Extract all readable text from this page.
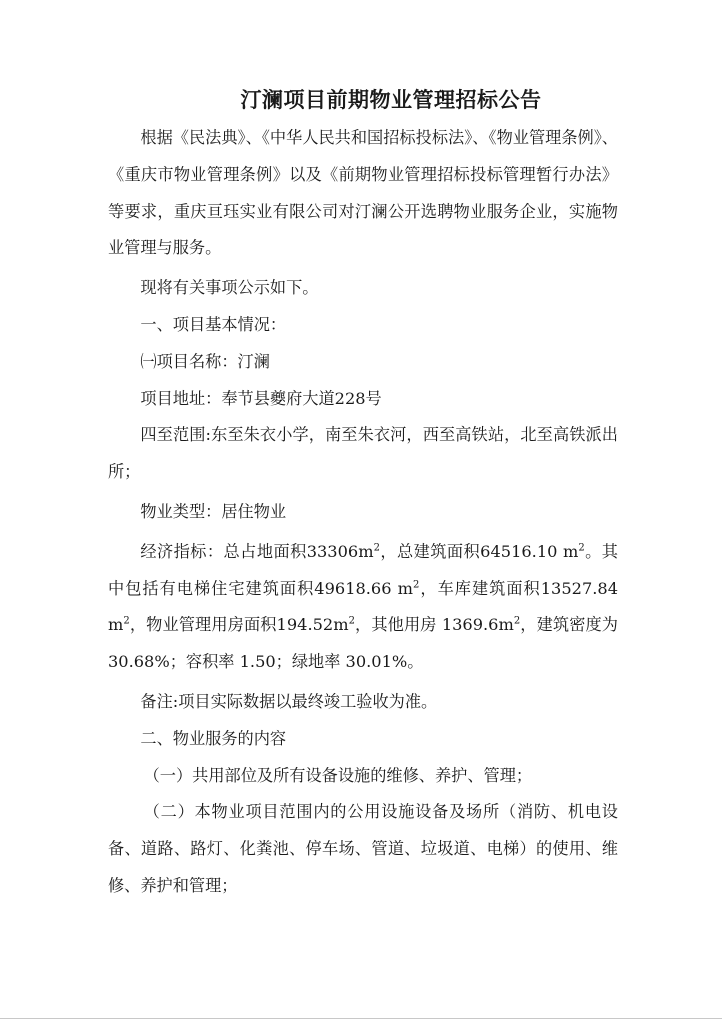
汀澜项目前期物业管理招标公告

根据《民法典》、《中华人民共和国招标投标法》、《物业管理条例》、《重庆市物业管理条例》以及《前期物业管理招标投标管理暂行办法》等要求，重庆亘珏实业有限公司对汀澜公开选聘物业服务企业，实施物业管理与服务。

现将有关事项公示如下。

一、项目基本情况：

㈠项目名称：汀澜

项目地址：奉节县夔府大道228号

四至范围:东至朱衣小学，南至朱衣河，西至高铁站，北至高铁派出所；

物业类型：居住物业

经济指标：总占地面积$33306m^2$，总建筑面积64516.10 $m^2$。其中包括有电梯住宅建筑面积49618.66 $m^2$，车库建筑面积13527.84 $m^2$，物业管理用房面积$194.52m^2$，其他用房 $1369.6m^2$，建筑密度为30.68%；容积率 1.50；绿地率 30.01%。

备注:项目实际数据以最终竣工验收为准。

二、物业服务的内容

（一）共用部位及所有设备设施的维修、养护、管理；

（二）本物业项目范围内的公用设施设备及场所（消防、机电设备、道路、路灯、化粪池、停车场、管道、垃圾道、电梯）的使用、维修、养护和管理；
